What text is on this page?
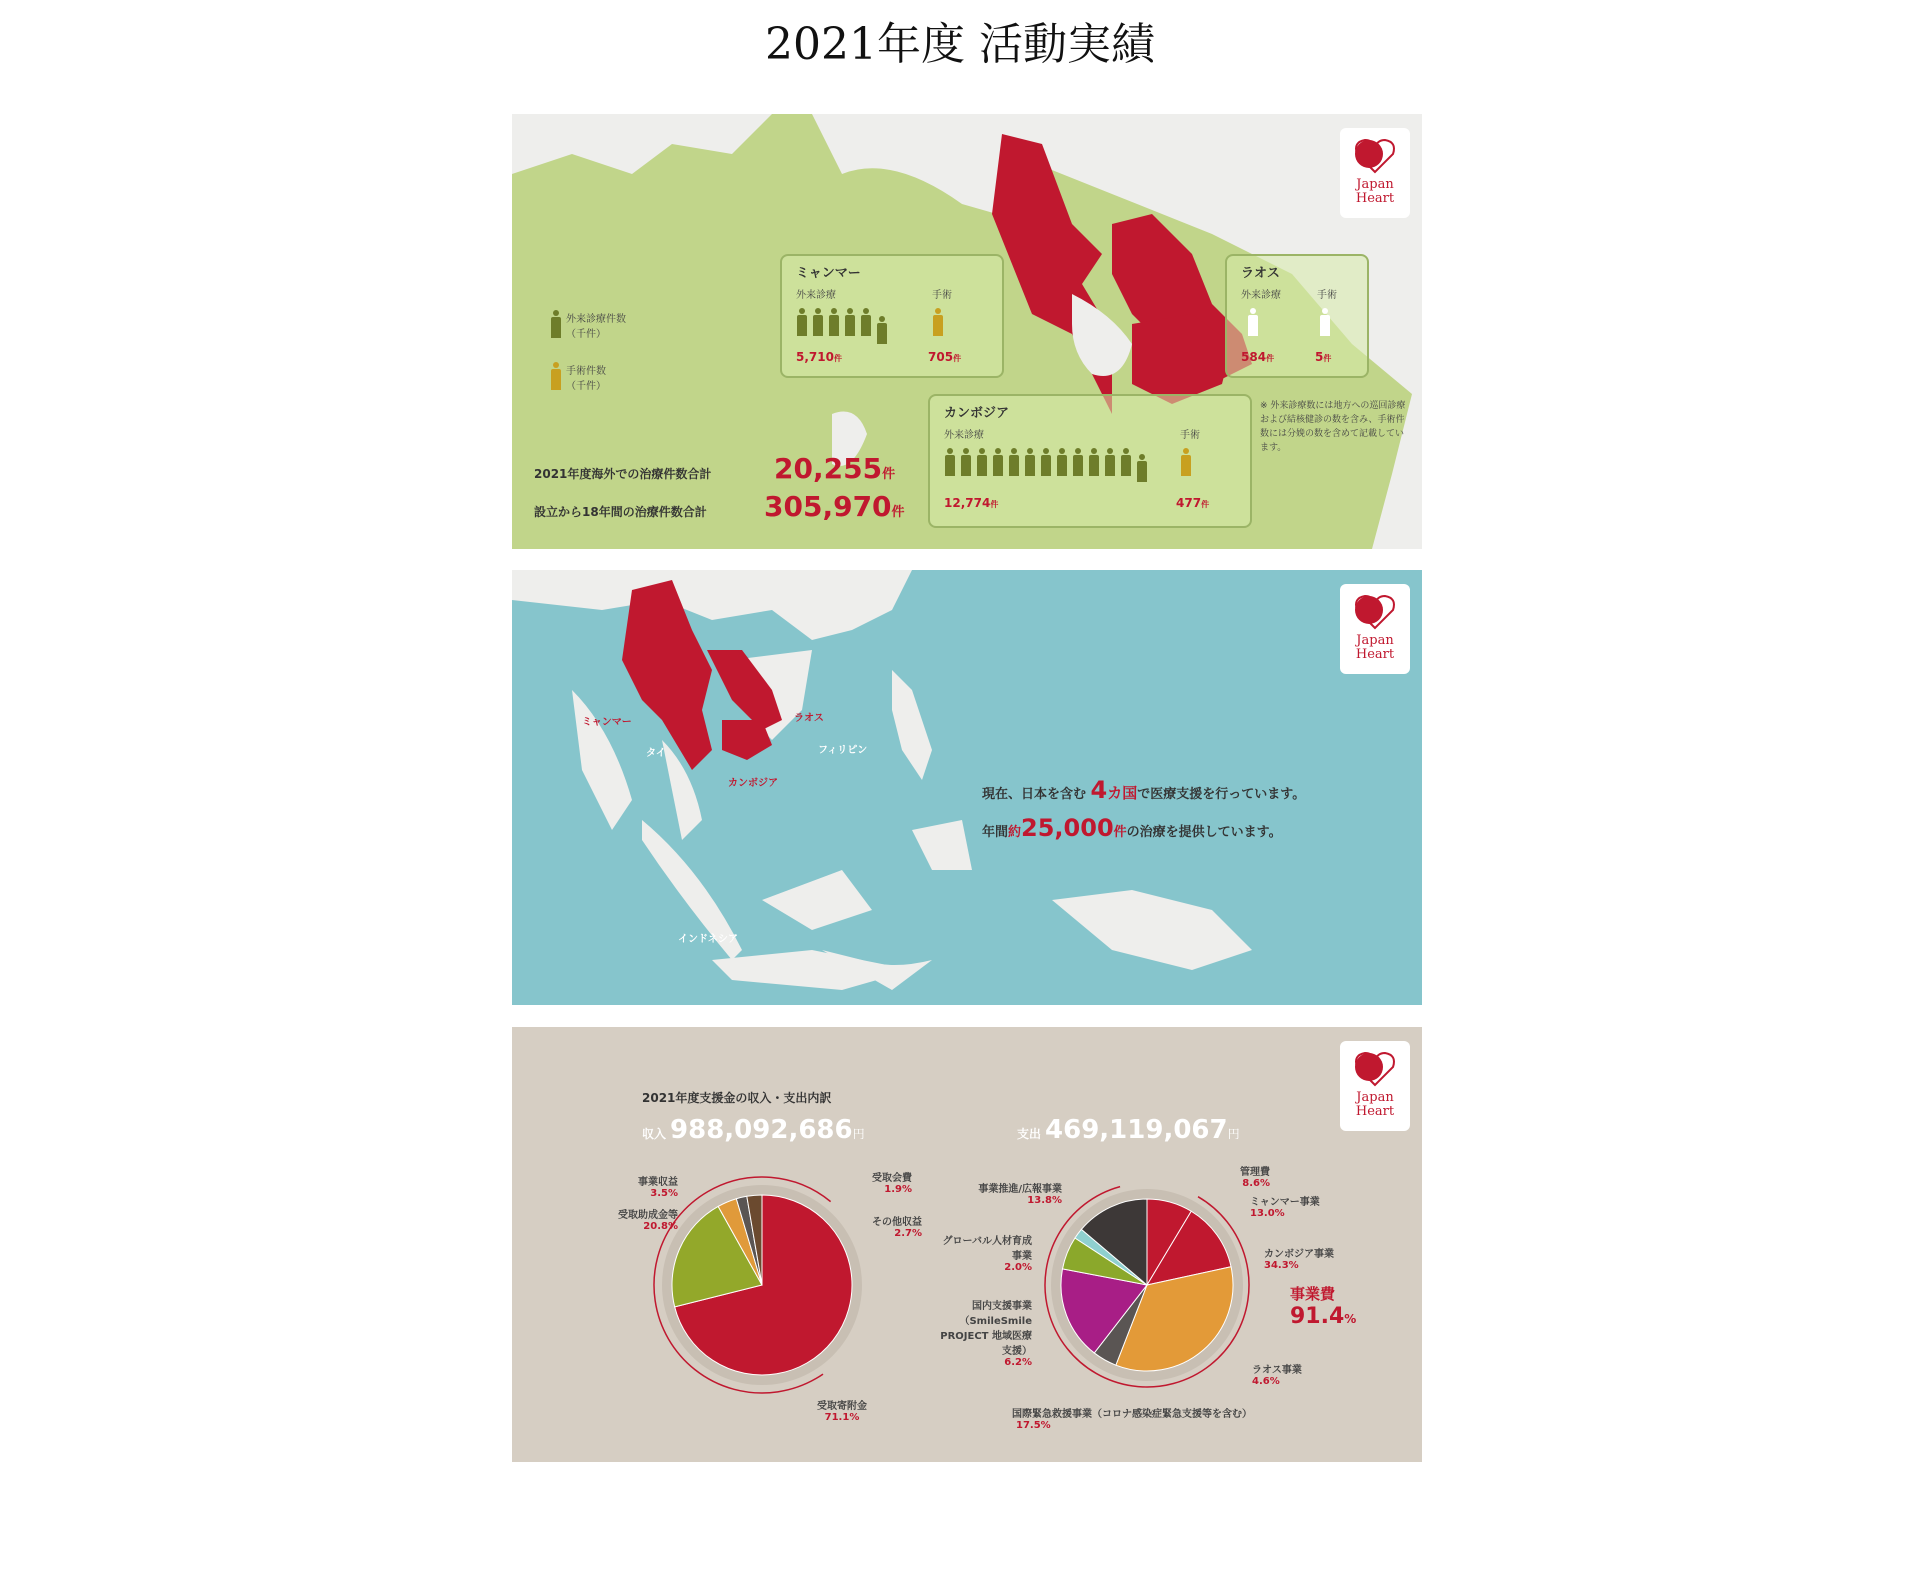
2021年度 活動実績
Japan
Heart
外来診療件数
（千件）
手術件数
（千件）
ミャンマー
外来診療	手術
5,710件	705件
ラオス
外来診療	手術
584件	5件
カンボジア
外来診療	手術
12,774件	477件
※ 外来診療数には地方への巡回診療および結核健診の数を含み、手術件数には分娩の数を含めて記載しています。
2021年度海外での治療件数合計	20,255 件
設立から18年間の治療件数合計	305,970 件
Japan
Heart
ミャンマー	ラオス
タイ
カンボジア
フィリピン
インドネシア
現在、日本を含む 4カ国で医療支援を行っています。
年間約25,000件の治療を提供しています。
Japan
Heart
2021年度支援金の収入・支出内訳
収入 988,092,686 円	支出 469,119,067 円
事業収益
3.5%
受取助成金等
20.8%
受取会費
1.9%
その他収益
2.7%
受取寄附金
71.1%
管理費
8.6%
ミャンマー事業
13.0%
カンボジア事業
34.3%
事業費
91.4%
ラオス事業
4.6%
国際緊急救援事業（コロナ感染症緊急支援等を含む）
17.5%
国内支援事業（SmileSmile PROJECT 地域医療支援）
6.2%
グローバル人材育成事業
2.0%
事業推進/広報事業
13.8%
